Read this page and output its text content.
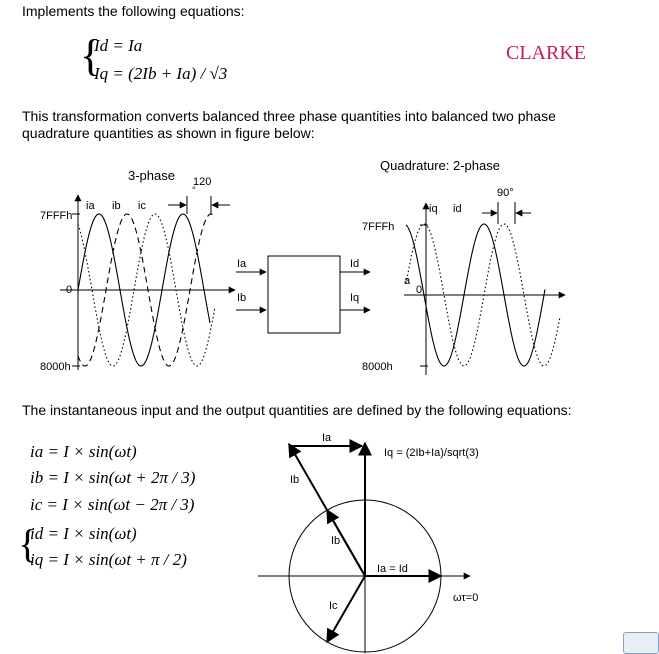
Implements the following equations:
{
Id = Ia
Iq = (2Ib + Ia) / √3
CLARKE
This transformation converts balanced three phase quantities into balanced two phase
quadrature quantities as shown in figure below:
3-phase 120
°
ia ib ic
7FFFh
0
8000h
Ia
Ib
Id
Iq
Quadrature: 2-phase
90°
iq id
7FFFh
a
0
8000h
The instantaneous input and the output quantities are defined by the following equations:
ia = I × sin(ωt)
ib = I × sin(ωt + 2π / 3)
ic = I × sin(ωt − 2π / 3)
{
id = I × sin(ωt)
iq = I × sin(ωt + π / 2)
Ia
Iq = (2Ib+Ia)/sqrt(3)
Ib
Ib
Ia = Id
Ic
ωτ=0
